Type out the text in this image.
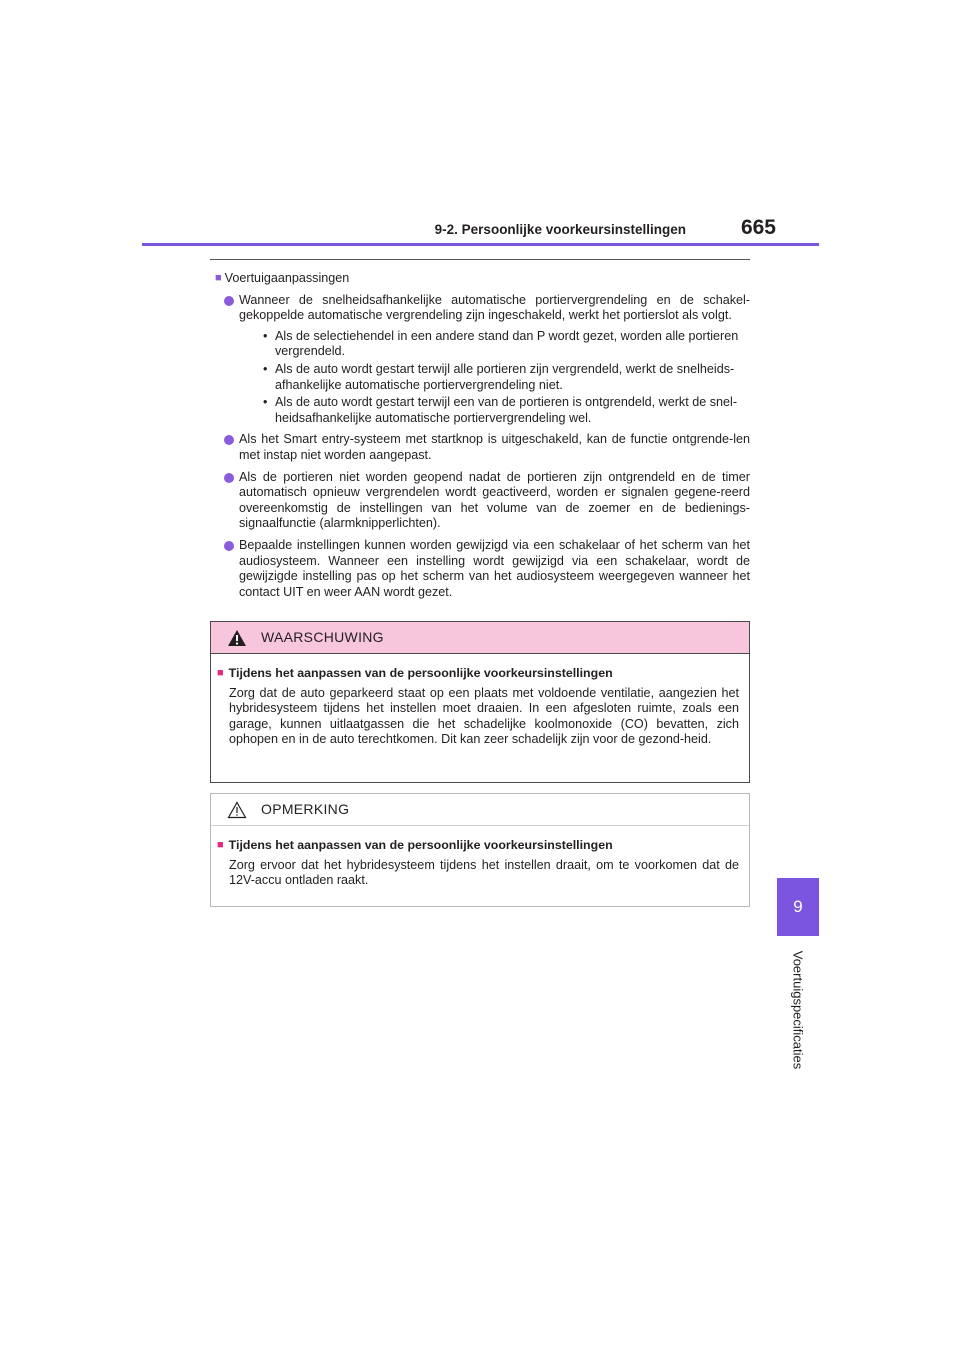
9-2. Persoonlijke voorkeursinstellingen	665
9
Voertuigspecificaties
■ Voertuigaanpassingen
Wanneer de snelheidsafhankelijke automatische portiervergrendeling en de schakel-gekoppelde automatische vergrendeling zijn ingeschakeld, werkt het portierslot als volgt.
• Als de selectiehendel in een andere stand dan P wordt gezet, worden alle portieren vergrendeld.
• Als de auto wordt gestart terwijl alle portieren zijn vergrendeld, werkt de snelheids-afhankelijke automatische portiervergrendeling niet.
• Als de auto wordt gestart terwijl een van de portieren is ontgrendeld, werkt de snel-heidsafhankelijke automatische portiervergrendeling wel.
Als het Smart entry-systeem met startknop is uitgeschakeld, kan de functie ontgrende-len met instap niet worden aangepast.
Als de portieren niet worden geopend nadat de portieren zijn ontgrendeld en de timer automatisch opnieuw vergrendelen wordt geactiveerd, worden er signalen gegene-reerd overeenkomstig de instellingen van het volume van de zoemer en de bedienings-signaalfunctie (alarmknipperlichten).
Bepaalde instellingen kunnen worden gewijzigd via een schakelaar of het scherm van het audiosysteem. Wanneer een instelling wordt gewijzigd via een schakelaar, wordt de gewijzigde instelling pas op het scherm van het audiosysteem weergegeven wanneer het contact UIT en weer AAN wordt gezet.
WAARSCHUWING
■ Tijdens het aanpassen van de persoonlijke voorkeursinstellingen
Zorg dat de auto geparkeerd staat op een plaats met voldoende ventilatie, aangezien het hybridesysteem tijdens het instellen moet draaien. In een afgesloten ruimte, zoals een garage, kunnen uitlaatgassen die het schadelijke koolmonoxide (CO) bevatten, zich ophopen en in de auto terechtkomen. Dit kan zeer schadelijk zijn voor de gezond-heid.
OPMERKING
■ Tijdens het aanpassen van de persoonlijke voorkeursinstellingen
Zorg ervoor dat het hybridesysteem tijdens het instellen draait, om te voorkomen dat de 12V-accu ontladen raakt.
